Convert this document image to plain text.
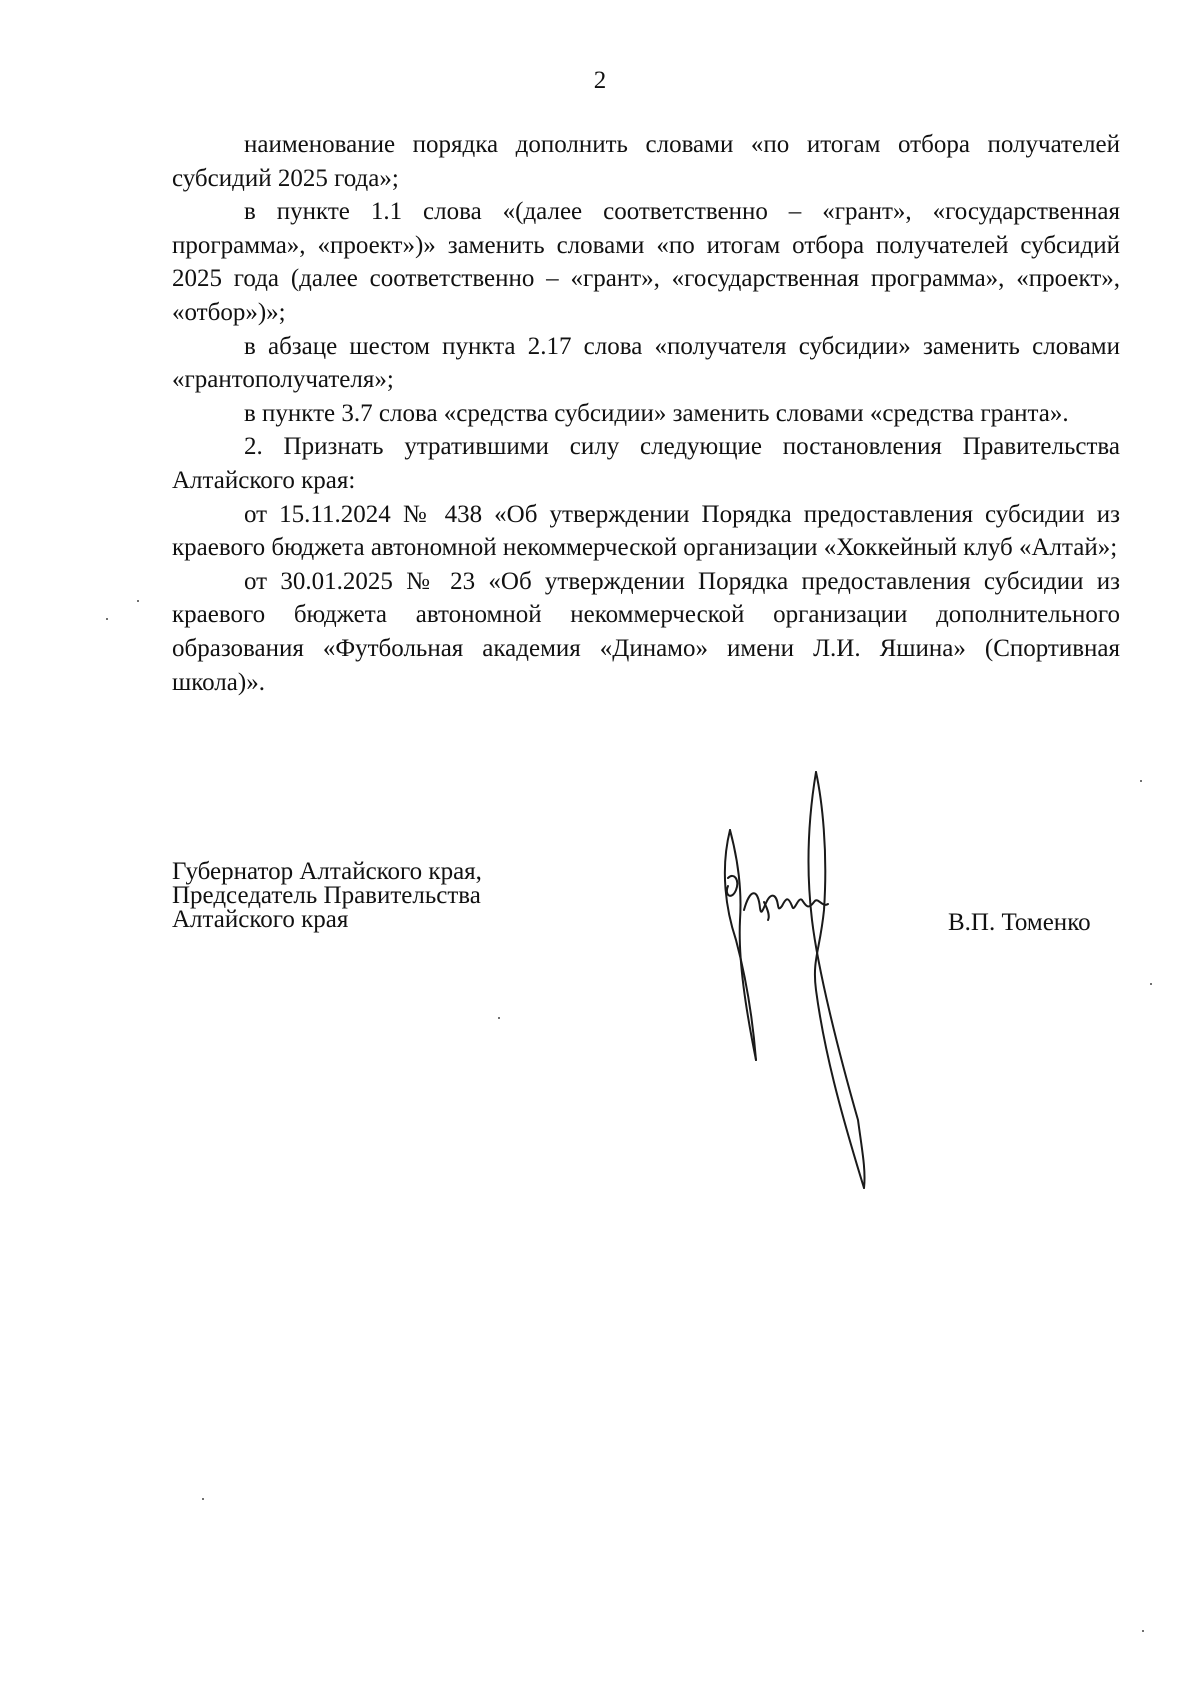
2

наименование порядка дополнить словами «по итогам отбора получателей субсидий 2025 года»;

в пункте 1.1 слова «(далее соответственно – «грант», «государственная программа», «проект»)» заменить словами «по итогам отбора получателей субсидий 2025 года (далее соответственно – «грант», «государственная программа», «проект», «отбор»)»;

в абзаце шестом пункта 2.17 слова «получателя субсидии» заменить словами «грантополучателя»;

в пункте 3.7 слова «средства субсидии» заменить словами «средства гранта».

2. Признать утратившими силу следующие постановления Правительства Алтайского края:

от 15.11.2024 № 438 «Об утверждении Порядка предоставления субсидии из краевого бюджета автономной некоммерческой организации «Хоккейный клуб «Алтай»;

от 30.01.2025 № 23 «Об утверждении Порядка предоставления субсидии из краевого бюджета автономной некоммерческой организации дополнительного образования «Футбольная академия «Динамо» имени Л.И. Яшина» (Спортивная школа)».

Губернатор Алтайского края,
Председатель Правительства
Алтайского края	В.П. Томенко
